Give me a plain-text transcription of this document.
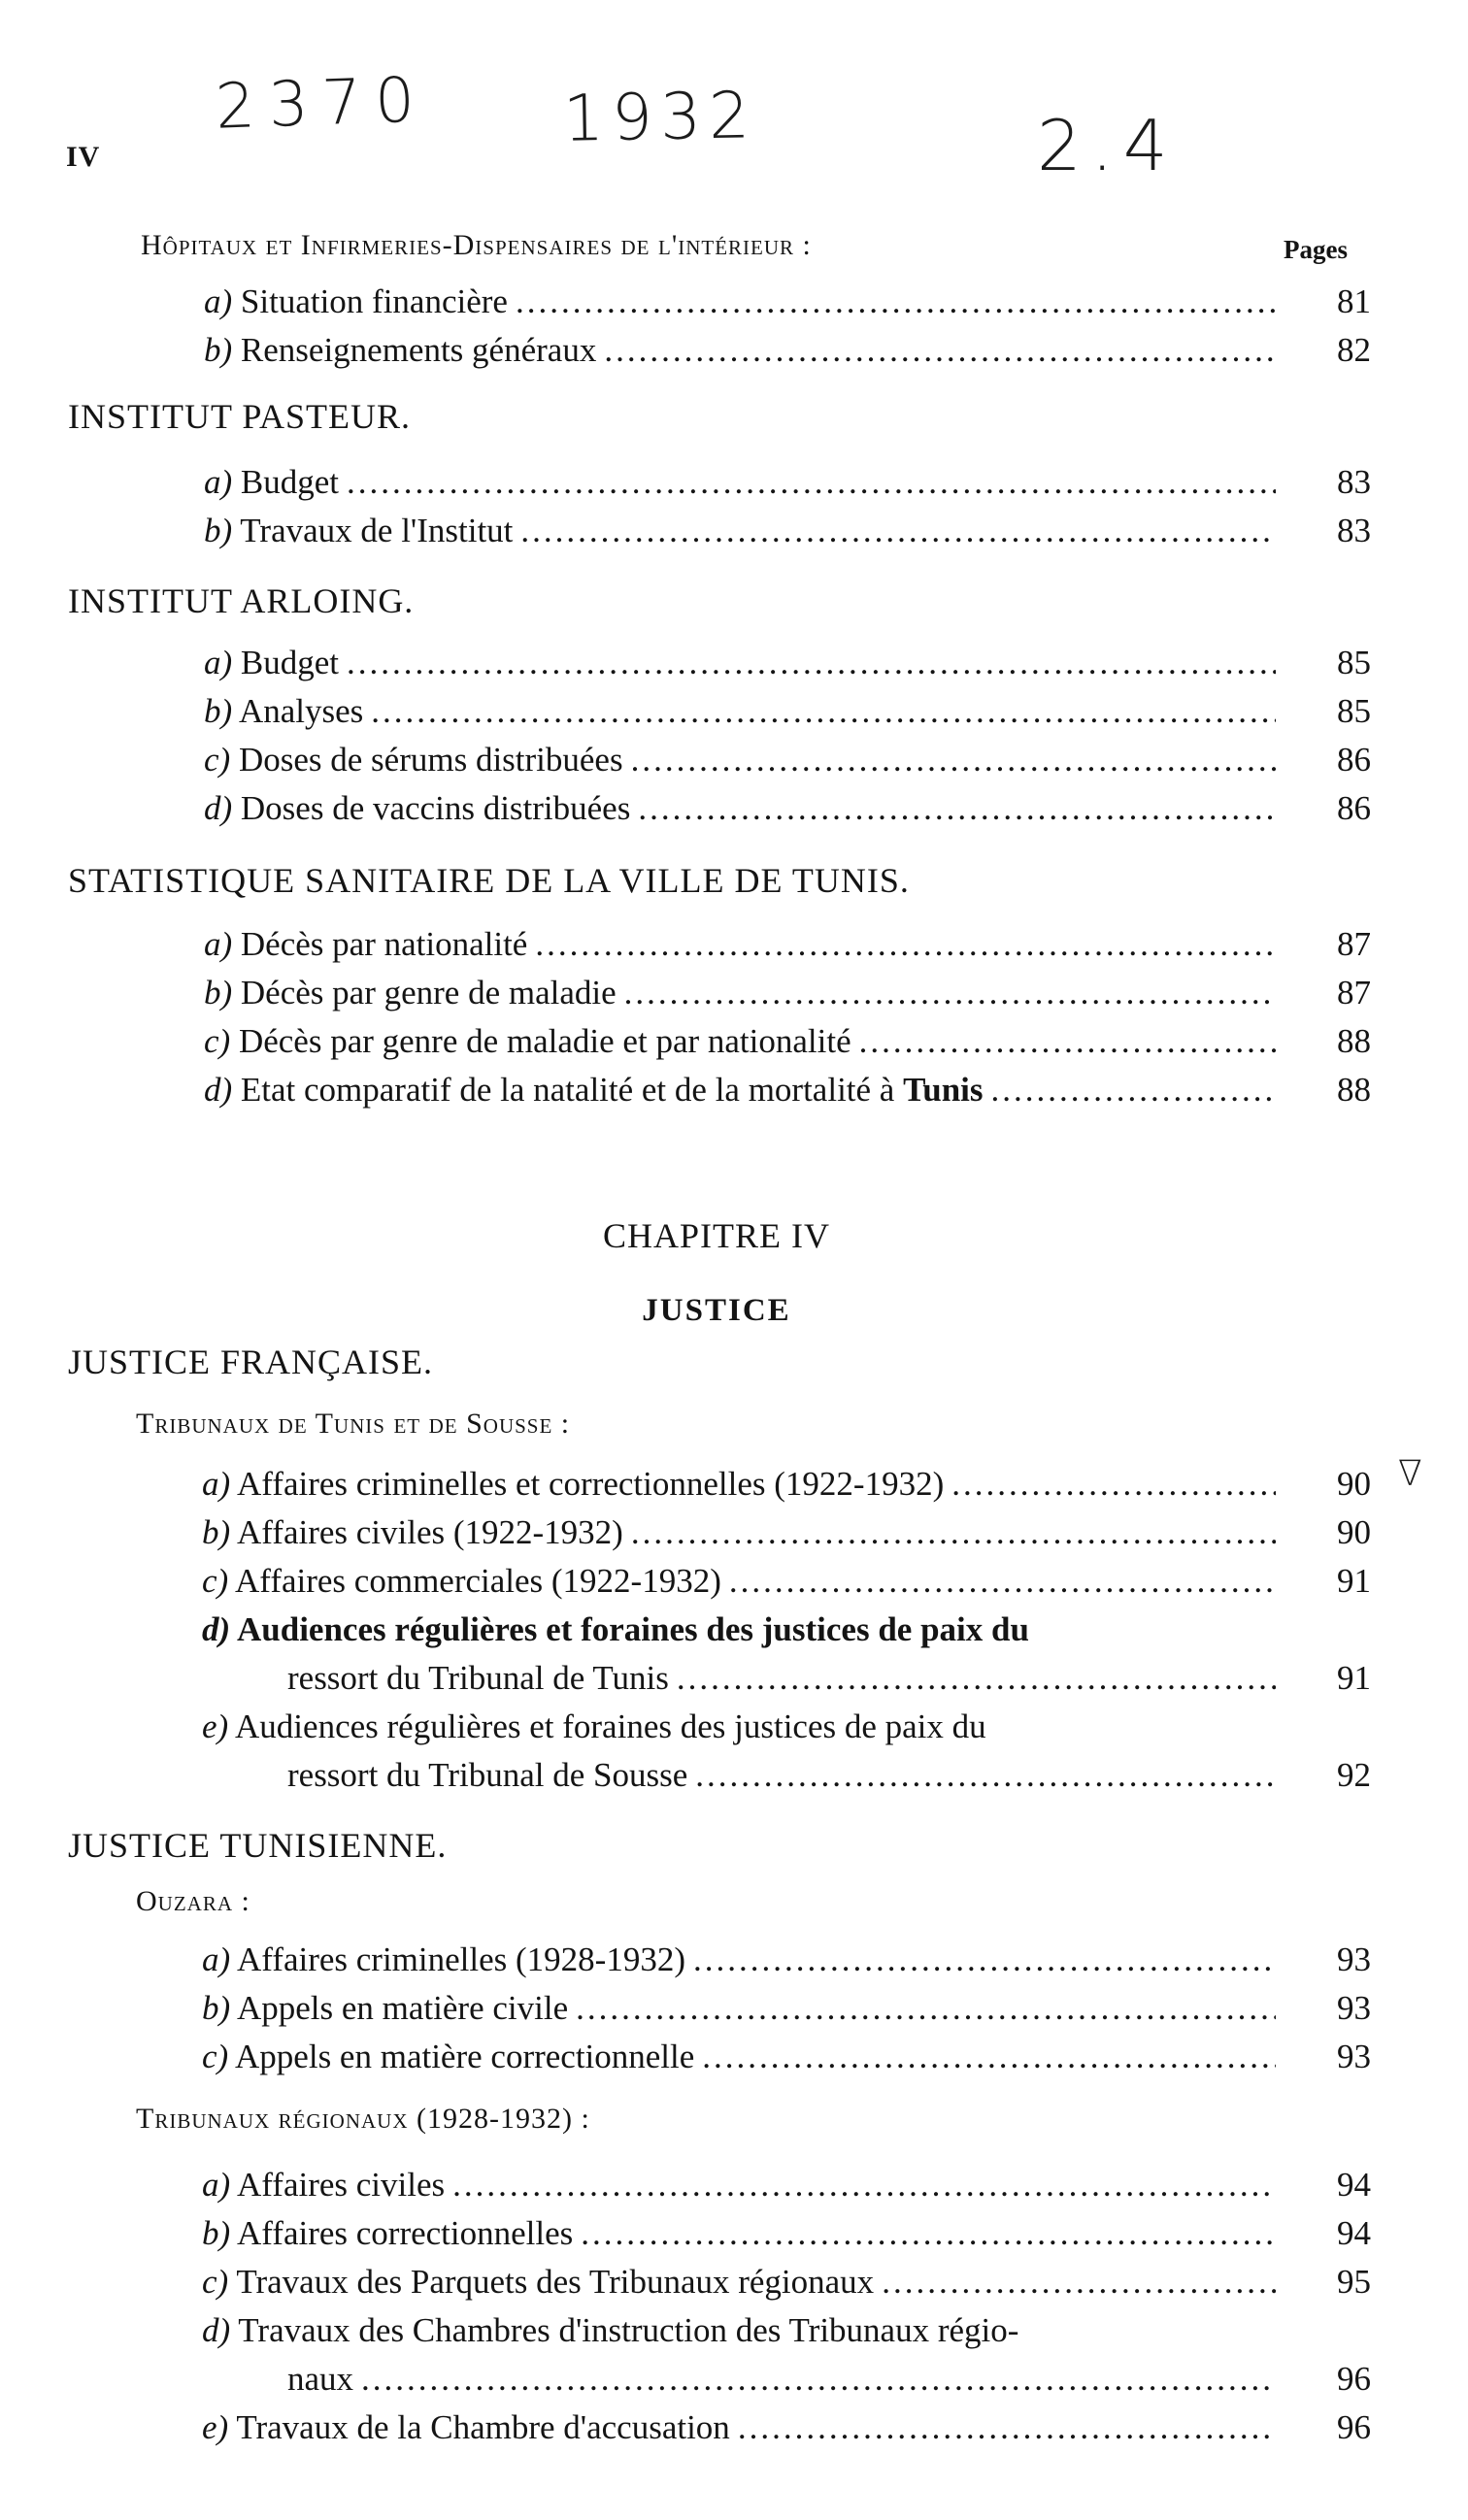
2370 1932	2.4
∇
IV
Hôpitaux et Infirmeries-Dispensaires de l'intérieur :	Pages
a) Situation financière .....	81
b) Renseignements généraux .....	82
INSTITUT PASTEUR.
a) Budget .....	83
b) Travaux de l'Institut .....	83
INSTITUT ARLOING.
a) Budget .....	85
b) Analyses .....	85
c) Doses de sérums distribuées .....	86
d) Doses de vaccins distribuées .....	86
STATISTIQUE SANITAIRE DE LA VILLE DE TUNIS.
a) Décès par nationalité .....	87
b) Décès par genre de maladie .....	87
c) Décès par genre de maladie et par nationalité .....	88
d) Etat comparatif de la natalité et de la mortalité à Tunis .....	88
CHAPITRE IV
JUSTICE
JUSTICE FRANÇAISE.
Tribunaux de Tunis et de Sousse :
a) Affaires criminelles et correctionnelles (1922-1932) .....	90
b) Affaires civiles (1922-1932) .....	90
c) Affaires commerciales (1922-1932) .....	91
d) Audiences régulières et foraines des justices de paix du
ressort du Tribunal de Tunis .....	91
e) Audiences régulières et foraines des justices de paix du
ressort du Tribunal de Sousse .....	92
JUSTICE TUNISIENNE.
Ouzara :
a) Affaires criminelles (1928-1932) .....	93
b) Appels en matière civile .....	93
c) Appels en matière correctionnelle .....	93
Tribunaux régionaux (1928-1932) :
a) Affaires civiles .....	94
b) Affaires correctionnelles .....	94
c) Travaux des Parquets des Tribunaux régionaux .....	95
d) Travaux des Chambres d'instruction des Tribunaux régio-
naux .....	96
e) Travaux de la Chambre d'accusation .....	96
